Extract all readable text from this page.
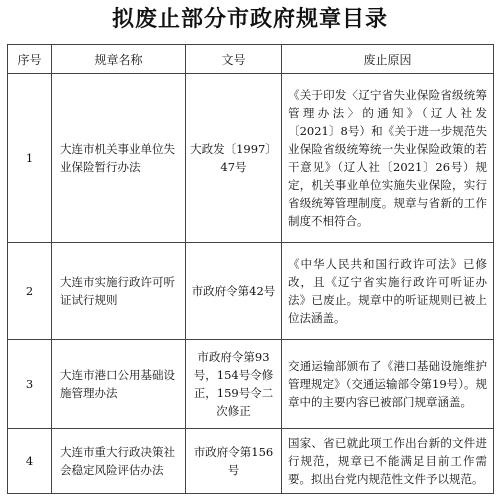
拟废止部分市政府规章目录
序号	规章名称	文号	废止原因
1	大连市机关事业单位失业保险暂行办法	大政发〔1997〕47号	《关于印发〈辽宁省失业保险省级统筹管理办法〉的通知》（辽人社发〔2021〕8号）和《关于进一步规范失业保险省级统筹统一失业保险政策的若干意见》（辽人社〔2021〕26号）规定，机关事业单位实施失业保险，实行省级统筹管理制度。规章与省新的工作制度不相符合。
2	大连市实施行政许可听证试行规则	市政府令第42号	《中华人民共和国行政许可法》已修改，且《辽宁省实施行政许可听证办法》已废止。规章中的听证规则已被上位法涵盖。
3	大连市港口公用基础设施管理办法	市政府令第93号，154号令修正，159号令二次修正	交通运输部颁布了《港口基础设施维护管理规定》（交通运输部令第19号）。规章中的主要内容已被部门规章涵盖。
4	大连市重大行政决策社会稳定风险评估办法	市政府令第156号	国家、省已就此项工作出台新的文件进行规范，规章已不能满足目前工作需要。拟出台党内规范性文件予以规范。
